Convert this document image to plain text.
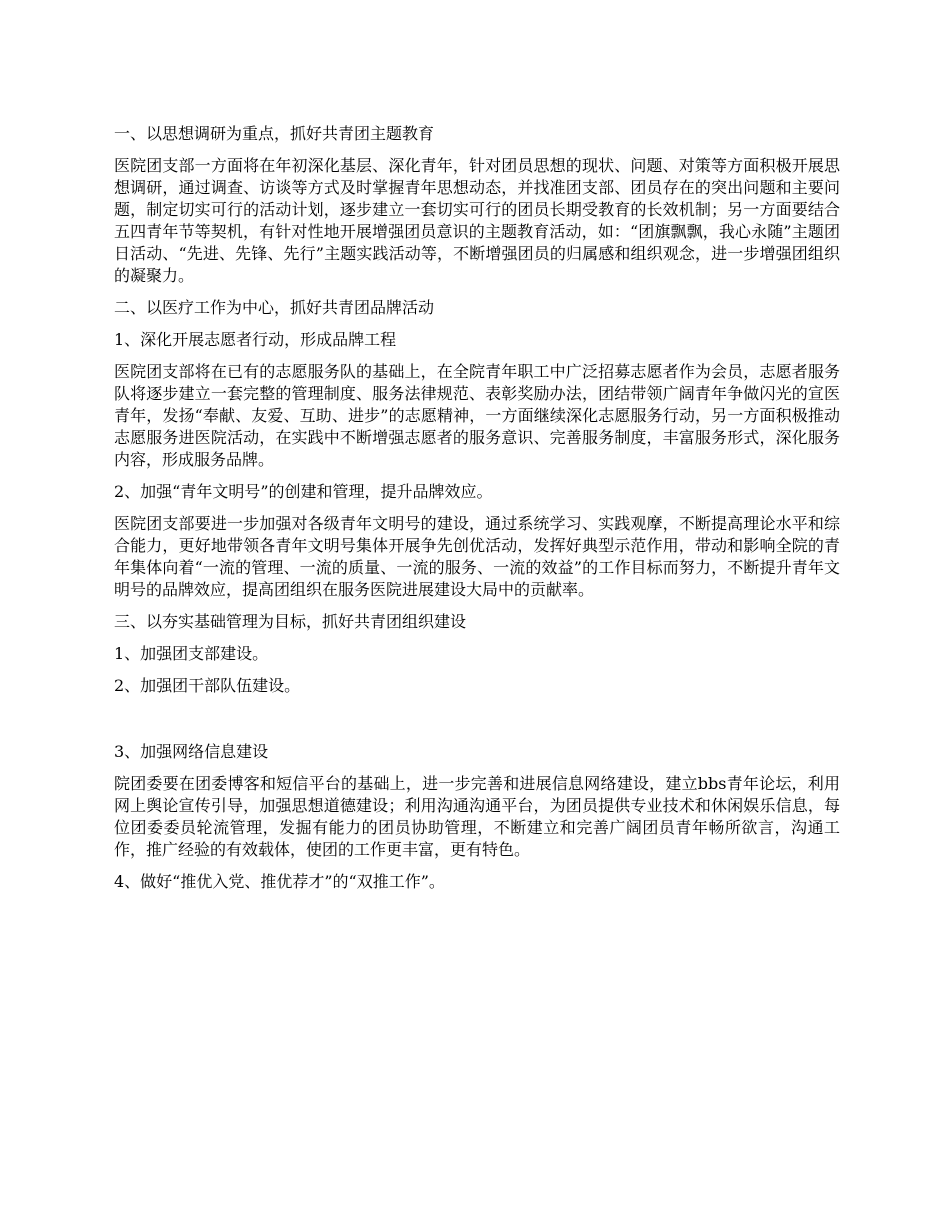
一、以思想调研为重点，抓好共青团主题教育

医院团支部一方面将在年初深化基层、深化青年，针对团员思想的现状、问题、对策等方面积极开展思想调研，通过调查、访谈等方式及时掌握青年思想动态，并找准团支部、团员存在的突出问题和主要问题，制定切实可行的活动计划，逐步建立一套切实可行的团员长期受教育的长效机制；另一方面要结合五四青年节等契机，有针对性地开展增强团员意识的主题教育活动，如：“团旗飘飘，我心永随”主题团日活动、“先进、先锋、先行”主题实践活动等，不断增强团员的归属感和组织观念，进一步增强团组织的凝聚力。

二、以医疗工作为中心，抓好共青团品牌活动

1、深化开展志愿者行动，形成品牌工程

医院团支部将在已有的志愿服务队的基础上，在全院青年职工中广泛招募志愿者作为会员，志愿者服务队将逐步建立一套完整的管理制度、服务法律规范、表彰奖励办法，团结带领广阔青年争做闪光的宣医青年，发扬“奉献、友爱、互助、进步”的志愿精神，一方面继续深化志愿服务行动，另一方面积极推动志愿服务进医院活动，在实践中不断增强志愿者的服务意识、完善服务制度，丰富服务形式，深化服务内容，形成服务品牌。

2、加强“青年文明号”的创建和管理，提升品牌效应。

医院团支部要进一步加强对各级青年文明号的建设，通过系统学习、实践观摩，不断提高理论水平和综合能力，更好地带领各青年文明号集体开展争先创优活动，发挥好典型示范作用，带动和影响全院的青年集体向着“一流的管理、一流的质量、一流的服务、一流的效益”的工作目标而努力，不断提升青年文明号的品牌效应，提高团组织在服务医院进展建设大局中的贡献率。

三、以夯实基础管理为目标，抓好共青团组织建设

1、加强团支部建设。

2、加强团干部队伍建设。

3、加强网络信息建设

院团委要在团委博客和短信平台的基础上，进一步完善和进展信息网络建设，建立bbs青年论坛，利用网上舆论宣传引导，加强思想道德建设；利用沟通沟通平台，为团员提供专业技术和休闲娱乐信息，每位团委委员轮流管理，发掘有能力的团员协助管理，不断建立和完善广阔团员青年畅所欲言，沟通工作，推广经验的有效载体，使团的工作更丰富，更有特色。

4、做好“推优入党、推优荐才”的“双推工作”。
